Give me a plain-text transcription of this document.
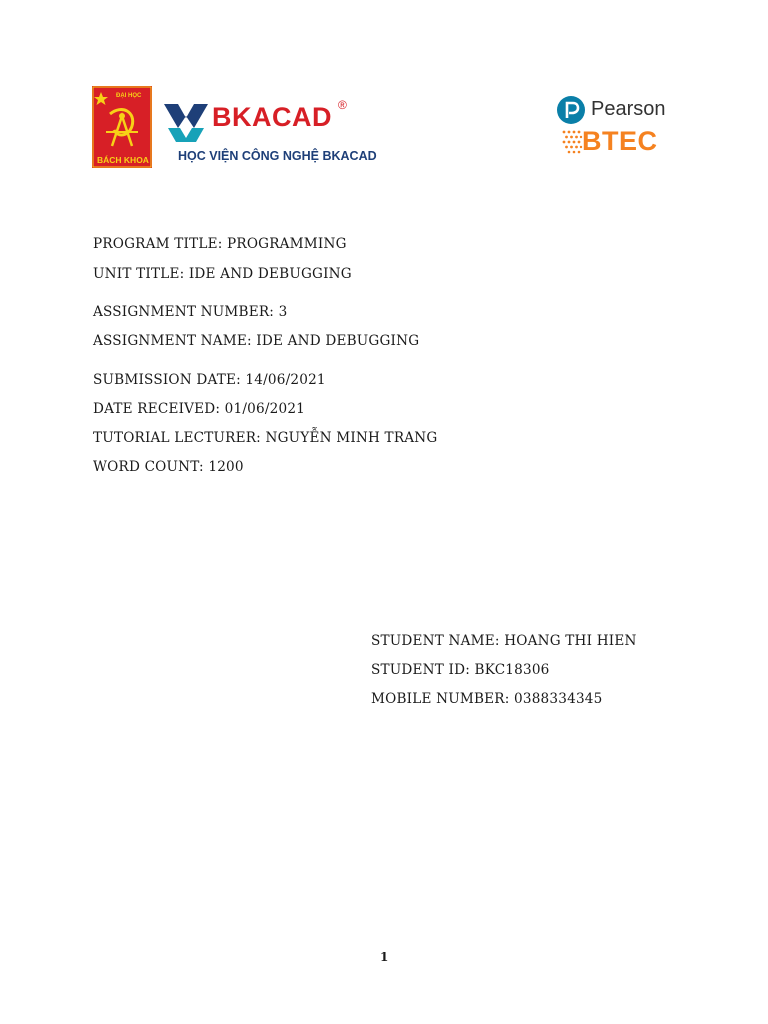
ĐẠI HỌC
BÁCH KHOA
BKACAD ®
HỌC VIỆN CÔNG NGHỆ BKACAD
Pearson
BTEC
PROGRAM TITLE: PROGRAMMING
UNIT TITLE: IDE AND DEBUGGING
ASSIGNMENT NUMBER: 3
ASSIGNMENT NAME: IDE AND DEBUGGING
SUBMISSION DATE: 14/06/2021
DATE RECEIVED: 01/06/2021
TUTORIAL LECTURER: NGUYỄN MINH TRANG
WORD COUNT: 1200
STUDENT NAME: HOANG THI HIEN
STUDENT ID: BKC18306
MOBILE NUMBER: 0388334345
1
